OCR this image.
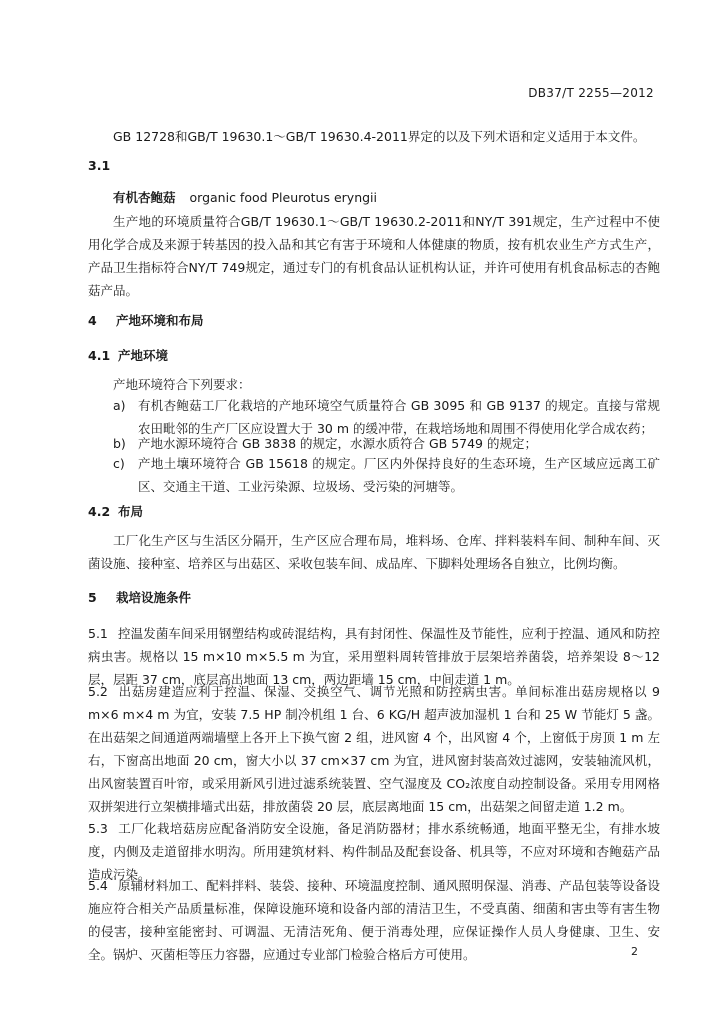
DB37/T 2255—2012
GB 12728和GB/T 19630.1～GB/T 19630.4-2011界定的以及下列术语和定义适用于本文件。
3.1
有机杏鲍菇 organic food Pleurotus eryngii
生产地的环境质量符合GB/T 19630.1～GB/T 19630.2-2011和NY/T 391规定，生产过程中不使用化学合成及来源于转基因的投入品和其它有害于环境和人体健康的物质，按有机农业生产方式生产，产品卫生指标符合NY/T 749规定，通过专门的有机食品认证机构认证，并许可使用有机食品标志的杏鲍菇产品。
4 产地环境和布局
4.1 产地环境
产地环境符合下列要求：
a) 有机杏鲍菇工厂化栽培的产地环境空气质量符合 GB 3095 和 GB 9137 的规定。直接与常规农田毗邻的生产厂区应设置大于 30 m 的缓冲带，在栽培场地和周围不得使用化学合成农药；
b) 产地水源环境符合 GB 3838 的规定，水源水质符合 GB 5749 的规定；
c) 产地土壤环境符合 GB 15618 的规定。厂区内外保持良好的生态环境，生产区域应远离工矿区、交通主干道、工业污染源、垃圾场、受污染的河塘等。
4.2 布局
工厂化生产区与生活区分隔开，生产区应合理布局，堆料场、仓库、拌料装料车间、制种车间、灭菌设施、接种室、培养区与出菇区、采收包装车间、成品库、下脚料处理场各自独立，比例均衡。
5 栽培设施条件
5.1 控温发菌车间采用钢塑结构或砖混结构，具有封闭性、保温性及节能性，应利于控温、通风和防控病虫害。规格以 15 m×10 m×5.5 m 为宜，采用塑料周转管排放于层架培养菌袋，培养架设 8～12 层，层距 37 cm，底层高出地面 13 cm，两边距墙 15 cm，中间走道 1 m。
5.2 出菇房建造应利于控温、保湿、交换空气、调节光照和防控病虫害。单间标准出菇房规格以 9 m×6 m×4 m 为宜，安装 7.5 HP 制冷机组 1 台、6 KG/H 超声波加湿机 1 台和 25 W 节能灯 5 盏。在出菇架之间通道两端墙壁上各开上下换气窗 2 组，进风窗 4 个，出风窗 4 个，上窗低于房顶 1 m 左右，下窗高出地面 20 cm，窗大小以 37 cm×37 cm 为宜，进风窗封装高效过滤网，安装轴流风机，出风窗装置百叶帘，或采用新风引进过滤系统装置、空气湿度及 CO₂浓度自动控制设备。采用专用网格双拼架进行立架横排墙式出菇，排放菌袋 20 层，底层离地面 15 cm，出菇架之间留走道 1.2 m。
5.3 工厂化栽培菇房应配备消防安全设施，备足消防器材；排水系统畅通，地面平整无尘，有排水坡度，内侧及走道留排水明沟。所用建筑材料、构件制品及配套设备、机具等，不应对环境和杏鲍菇产品造成污染。
5.4 原辅材料加工、配料拌料、装袋、接种、环境温度控制、通风照明保湿、消毒、产品包装等设备设施应符合相关产品质量标准，保障设施环境和设备内部的清洁卫生，不受真菌、细菌和害虫等有害生物的侵害，接种室能密封、可调温、无清洁死角、便于消毒处理，应保证操作人员人身健康、卫生、安全。锅炉、灭菌柜等压力容器，应通过专业部门检验合格后方可使用。	2
